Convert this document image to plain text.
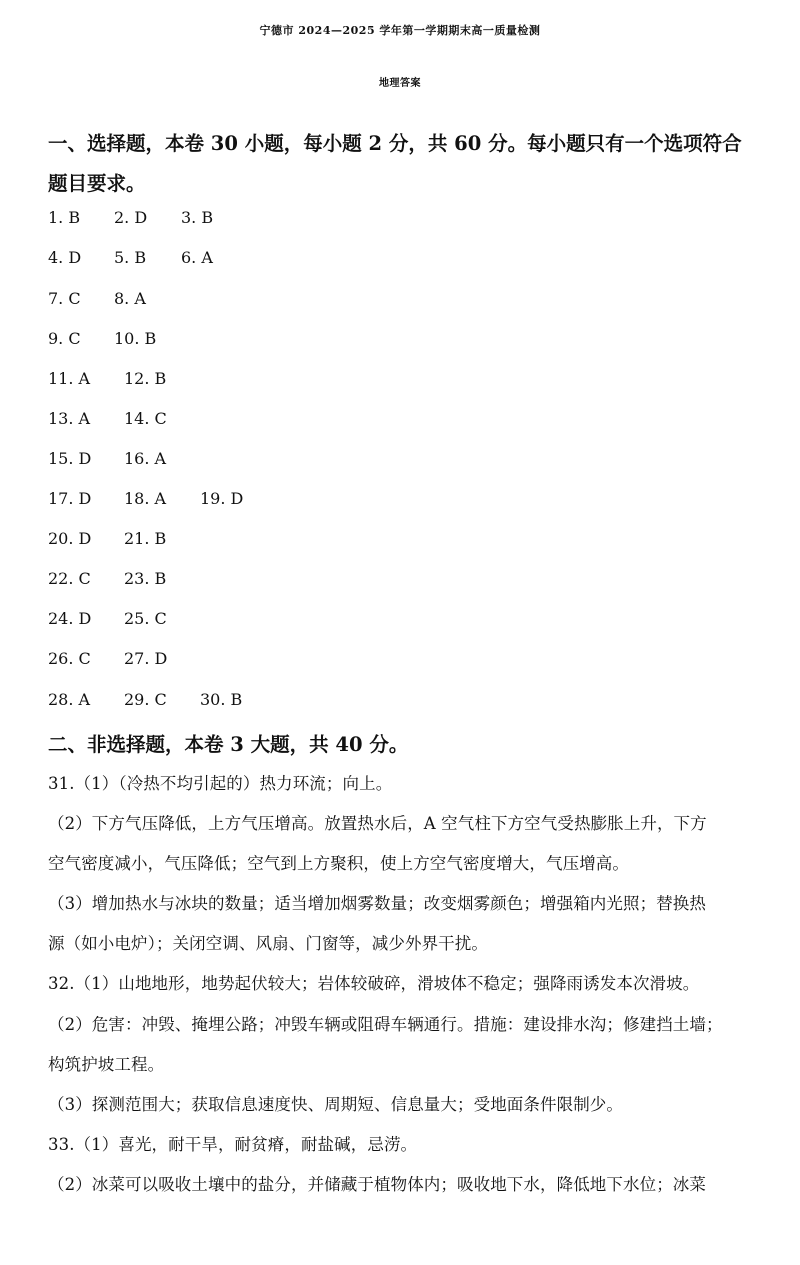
宁德市 2024—2025 学年第一学期期末高一质量检测
地理答案
一、选择题，本卷 30 小题，每小题 2 分，共 60 分。每小题只有一个选项符合
题目要求。
1. B 2. D 3. B
4. D 5. B 6. A
7. C 8. A
9. C 10. B
11. A 12. B
13. A 14. C
15. D 16. A
17. D 18. A 19. D
20. D 21. B
22. C 23. B
24. D 25. C
26. C 27. D
28. A 29. C 30. B
二、非选择题，本卷 3 大题，共 40 分。
31.（1）（冷热不均引起的）热力环流；向上。
（2）下方气压降低，上方气压增高。放置热水后，A 空气柱下方空气受热膨胀上升，下方
空气密度减小，气压降低；空气到上方聚积，使上方空气密度增大，气压增高。
（3）增加热水与冰块的数量；适当增加烟雾数量；改变烟雾颜色；增强箱内光照；替换热
源（如小电炉）；关闭空调、风扇、门窗等，减少外界干扰。
32.（1）山地地形，地势起伏较大；岩体较破碎，滑坡体不稳定；强降雨诱发本次滑坡。
（2）危害：冲毁、掩埋公路；冲毁车辆或阻碍车辆通行。措施：建设排水沟；修建挡土墙；
构筑护坡工程。
（3）探测范围大；获取信息速度快、周期短、信息量大；受地面条件限制少。
33.（1）喜光，耐干旱，耐贫瘠，耐盐碱，忌涝。
（2）冰菜可以吸收土壤中的盐分，并储藏于植物体内；吸收地下水，降低地下水位；冰菜
